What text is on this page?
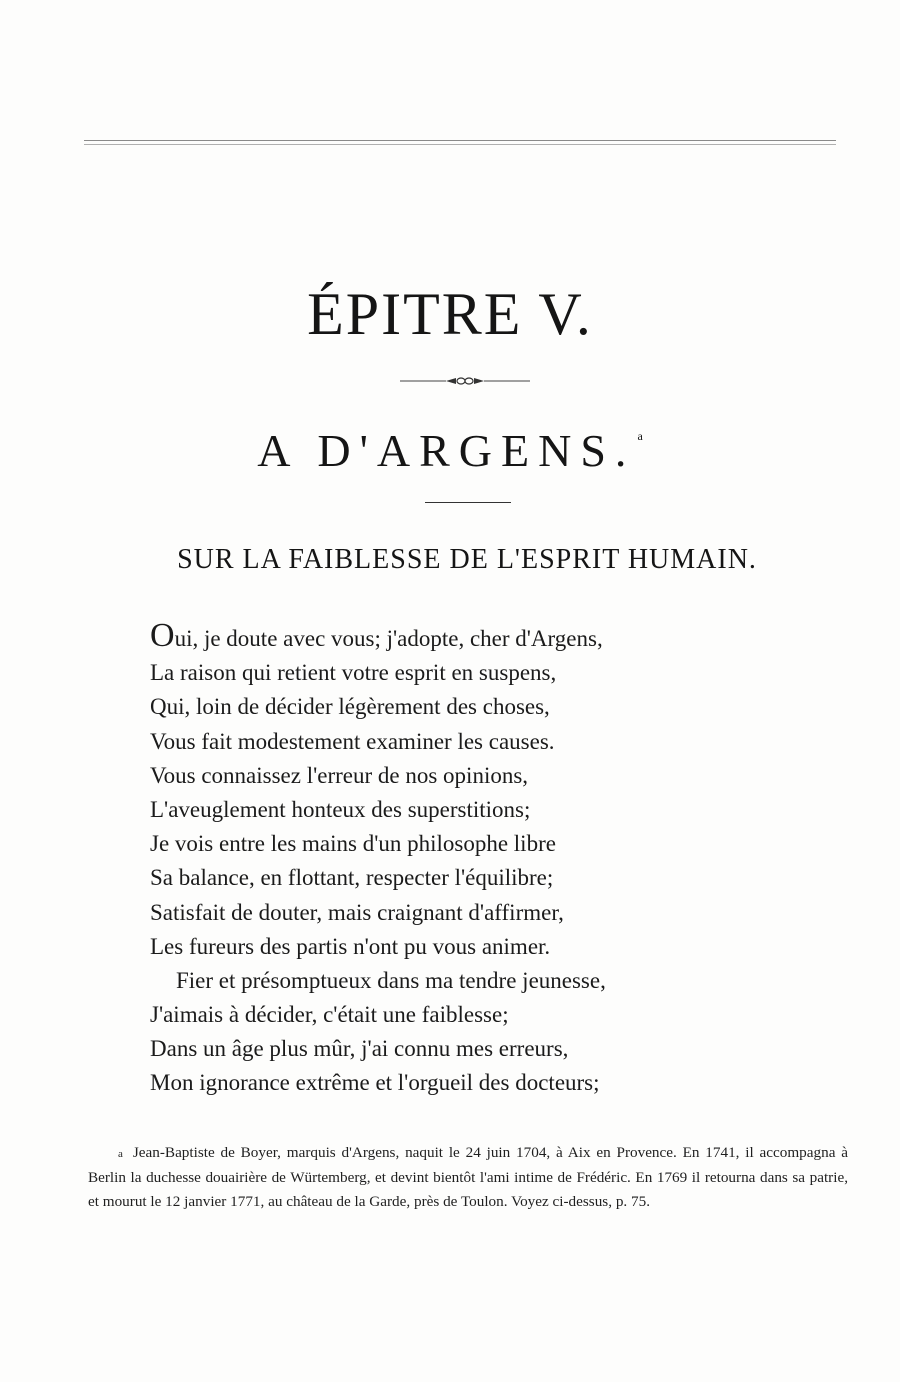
ÉPITRE V.
A D'ARGENS. $^a$
SUR LA FAIBLESSE DE L'ESPRIT HUMAIN.
Oui, je doute avec vous; j'adopte, cher d'Argens,
La raison qui retient votre esprit en suspens,
Qui, loin de décider légèrement des choses,
Vous fait modestement examiner les causes.
Vous connaissez l'erreur de nos opinions,
L'aveuglement honteux des superstitions;
Je vois entre les mains d'un philosophe libre
Sa balance, en flottant, respecter l'équilibre;
Satisfait de douter, mais craignant d'affirmer,
Les fureurs des partis n'ont pu vous animer.
Fier et présomptueux dans ma tendre jeunesse,
J'aimais à décider, c'était une faiblesse;
Dans un âge plus mûr, j'ai connu mes erreurs,
Mon ignorance extrême et l'orgueil des docteurs;
a Jean-Baptiste de Boyer, marquis d'Argens, naquit le 24 juin 1704, à Aix en Provence. En 1741, il accompagna à Berlin la duchesse douairière de Würtemberg, et devint bientôt l'ami intime de Frédéric. En 1769 il retourna dans sa patrie, et mourut le 12 janvier 1771, au château de la Garde, près de Toulon. Voyez ci-dessus, p. 75.
